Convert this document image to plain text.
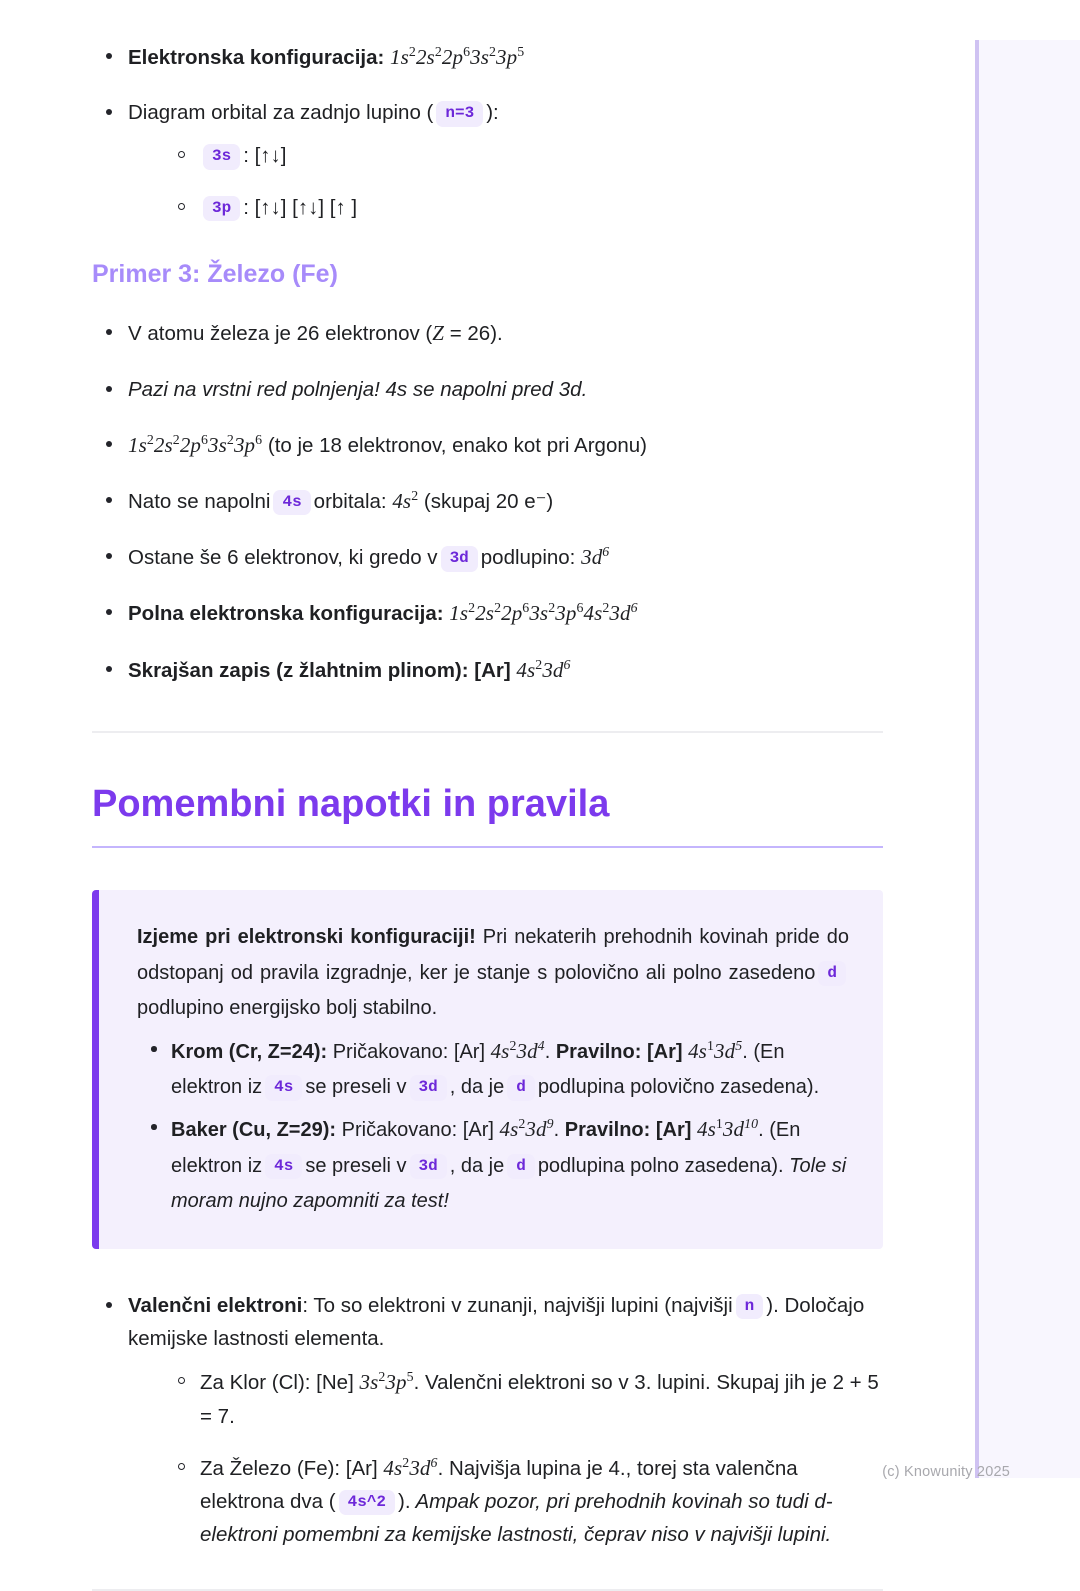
Elektronska konfiguracija: $1s^22s^22p^63s^23p^5$
Diagram orbital za zadnjo lupino ( n=3 ):
3s : [↑↓]
3p : [↑↓] [↑↓] [↑ ]
Primer 3: Železo (Fe)
V atomu železa je 26 elektronov (Z = 26).
Pazi na vrstni red polnjenja! 4s se napolni pred 3d.
$1s^22s^22p^63s^23p^6$ (to je 18 elektronov, enako kot pri Argonu)
Nato se napolni 4s orbitala: $4s^2$ (skupaj 20 e⁻)
Ostane še 6 elektronov, ki gredo v 3d podlupino: $3d^6$
Polna elektronska konfiguracija: $1s^22s^22p^63s^23p^64s^23d^6$
Skrajšan zapis (z žlahtnim plinom): [Ar] $4s^23d^6$
Pomembni napotki in pravila

Izjeme pri elektronski konfiguraciji! Pri nekaterih prehodnih kovinah pride do odstopanj od pravila izgradnje, ker je stanje s polovično ali polno zasedeno dpodlupino energijsko bolj stabilno.

Krom (Cr, Z=24): Pričakovano: [Ar] $4s^23d^4$. Pravilno: [Ar] $4s^13d^5$. (En elektron iz 4s se preseli v 3d , da je d podlupina polovično zasedena).
Baker (Cu, Z=29): Pričakovano: [Ar] $4s^23d^9$. Pravilno: [Ar] $4s^13d^{10}$. (En elektron iz 4s se preseli v 3d , da je d podlupina polno zasedena). Tole si moram nujno zapomniti za test!
Valenčni elektroni: To so elektroni v zunanji, najvišji lupini (najvišji n ). Določajo kemijske lastnosti elementa.
Za Klor (Cl): [Ne] $3s^23p^5$. Valenčni elektroni so v 3. lupini. Skupaj jih je 2 + 5 = 7.
Za Železo (Fe): [Ar] $4s^23d^6$. Najvišja lupina je 4., torej sta valenčna elektrona dva ( 4s^2 ). Ampak pozor, pri prehodnih kovinah so tudi d-elektroni pomembni za kemijske lastnosti, čeprav niso v najvišji lupini.
(c) Knowunity 2025
